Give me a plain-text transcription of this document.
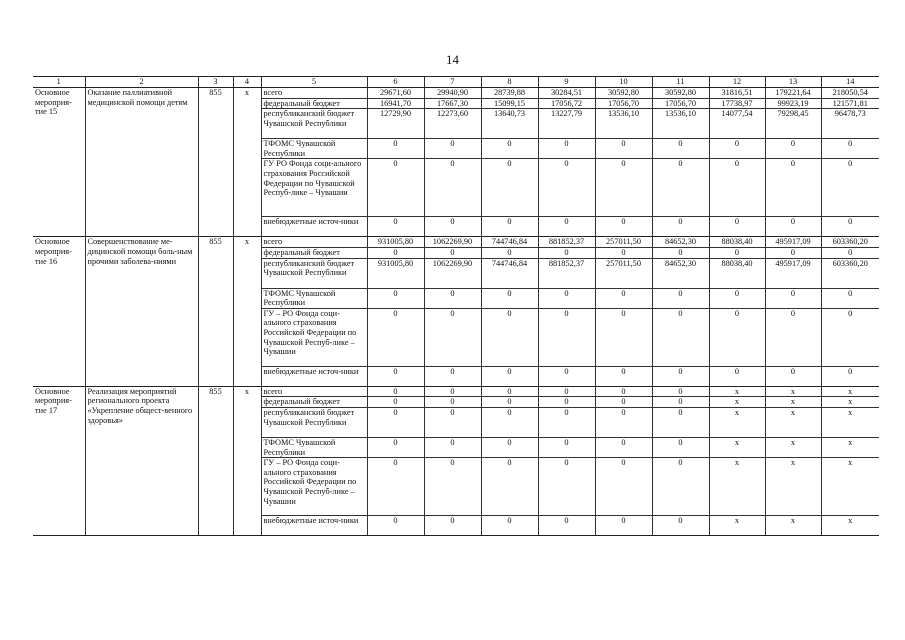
14
1	2	3	4	5	6	7	8	9	10	11	12	13	14
Основное мероприя-тие 15	Оказание паллиативной медицинской помощи детям	855	x	всего	29671,60	29940,90	28739,88	30284,51	30592,80	30592,80	31816,51	179221,64	218050,54
				федеральный бюджет	16941,70	17667,30	15099,15	17056,72	17056,70	17056,70	17738,97	99923,19	121571,81
				республиканский бюджет Чувашской Республики	12729,90	12273,60	13640,73	13227,79	13536,10	13536,10	14077,54	79298,45	96478,73
				ТФОМС Чувашской Республики	0	0	0	0	0	0	0	0	0
				ГУ РО Фонда соци-ального страхования Российской Федерации по Чувашской Респуб-лике – Чувашии	0	0	0	0	0	0	0	0	0
				внебюджетные источ-ники	0	0	0	0	0	0	0	0	0
Основное мероприя-тие 16	Совершенствование ме-дицинской помощи боль-ным прочими заболева-ниями	855	x	всего	931005,80	1062269,90	744746,84	881852,37	257011,50	84652,30	88038,40	495917,09	603360,20
				федеральный бюджет	0	0	0	0	0	0	0	0	0
				республиканский бюджет Чувашской Республики	931005,80	1062269,90	744746,84	881852,37	257011,50	84652,30	88038,40	495917,09	603360,20
				ТФОМС Чувашской Республики	0	0	0	0	0	0	0	0	0
				ГУ – РО Фонда соци-ального страхования Российской Федерации по Чувашской Респуб-лике – Чувашии	0	0	0	0	0	0	0	0	0
				внебюджетные источ-ники	0	0	0	0	0	0	0	0	0
Основное мероприя-тие 17	Реализация мероприятий регионального проекта «Укрепление общест-венного здоровья»	855	x	всего	0	0	0	0	0	0	x	x	x
				федеральный бюджет	0	0	0	0	0	0	x	x	x
				республиканский бюджет Чувашской Республики	0	0	0	0	0	0	x	x	x
				ТФОМС Чувашской Республики	0	0	0	0	0	0	x	x	x
				ГУ – РО Фонда соци-ального страхования Российской Федерации по Чувашской Респуб-лике – Чувашии	0	0	0	0	0	0	x	x	x
				внебюджетные источ-ники	0	0	0	0	0	0	x	x	x
